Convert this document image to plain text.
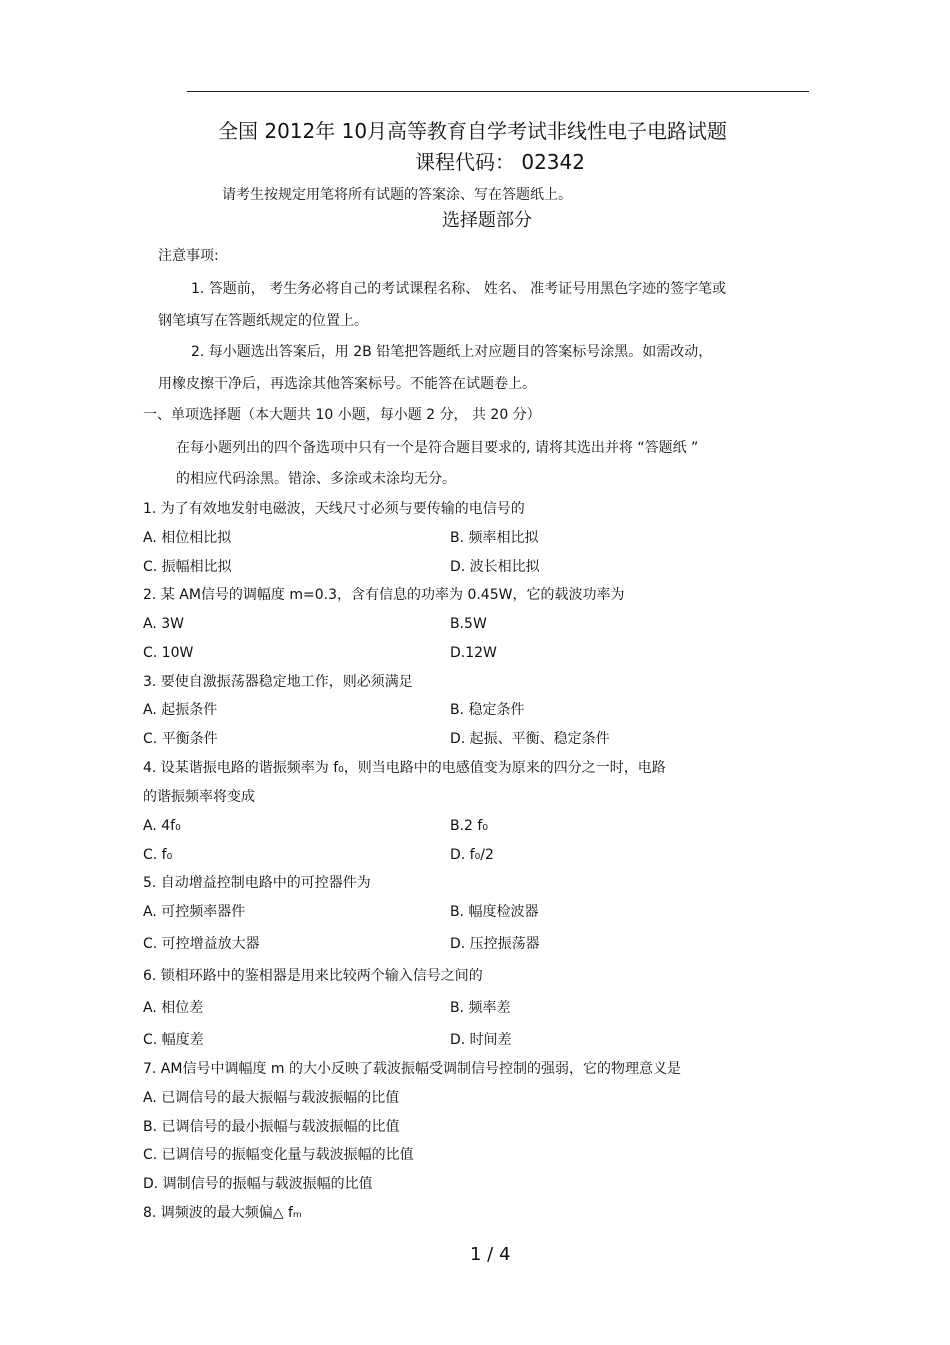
全国 2012年 10月高等教育自学考试非线性电子电路试题
课程代码： 02342
请考生按规定用笔将所有试题的答案涂、写在答题纸上。
选择题部分
注意事项:
1. 答题前， 考生务必将自己的考试课程名称、 姓名、 准考证号用黑色字迹的签字笔或
钢笔填写在答题纸规定的位置上。
2. 每小题选出答案后，用 2B 铅笔把答题纸上对应题目的答案标号涂黑。如需改动，
用橡皮擦干净后，再选涂其他答案标号。不能答在试题卷上。
一、单项选择题（本大题共 10 小题，每小题 2 分， 共 20 分）
在每小题列出的四个备选项中只有一个是符合题目要求的, 请将其选出并将 “答题纸 ”
的相应代码涂黑。错涂、多涂或未涂均无分。
1. 为了有效地发射电磁波，天线尺寸必须与要传输的电信号的
A. 相位相比拟	B. 频率相比拟
C. 振幅相比拟	D. 波长相比拟
2. 某 AM信号的调幅度 m=0.3，含有信息的功率为 0.45W，它的载波功率为
A. 3W	B.5W
C. 10W	D.12W
3. 要使自激振荡器稳定地工作，则必须满足
A. 起振条件	B. 稳定条件
C. 平衡条件	D. 起振、平衡、稳定条件
4. 设某谐振电路的谐振频率为 f₀，则当电路中的电感值变为原来的四分之一时，电路
的谐振频率将变成
A. 4f₀	B.2 f₀
C. f₀	D. f₀/2
5. 自动增益控制电路中的可控器件为
A. 可控频率器件	B. 幅度检波器
C. 可控增益放大器	D. 压控振荡器
6. 锁相环路中的鉴相器是用来比较两个输入信号之间的
A. 相位差	B. 频率差
C. 幅度差	D. 时间差
7. AM信号中调幅度 m 的大小反映了载波振幅受调制信号控制的强弱，它的物理意义是
A. 已调信号的最大振幅与载波振幅的比值
B. 已调信号的最小振幅与载波振幅的比值
C. 已调信号的振幅变化量与载波振幅的比值
D. 调制信号的振幅与载波振幅的比值
8. 调频波的最大频偏△ fₘ
1 / 4
